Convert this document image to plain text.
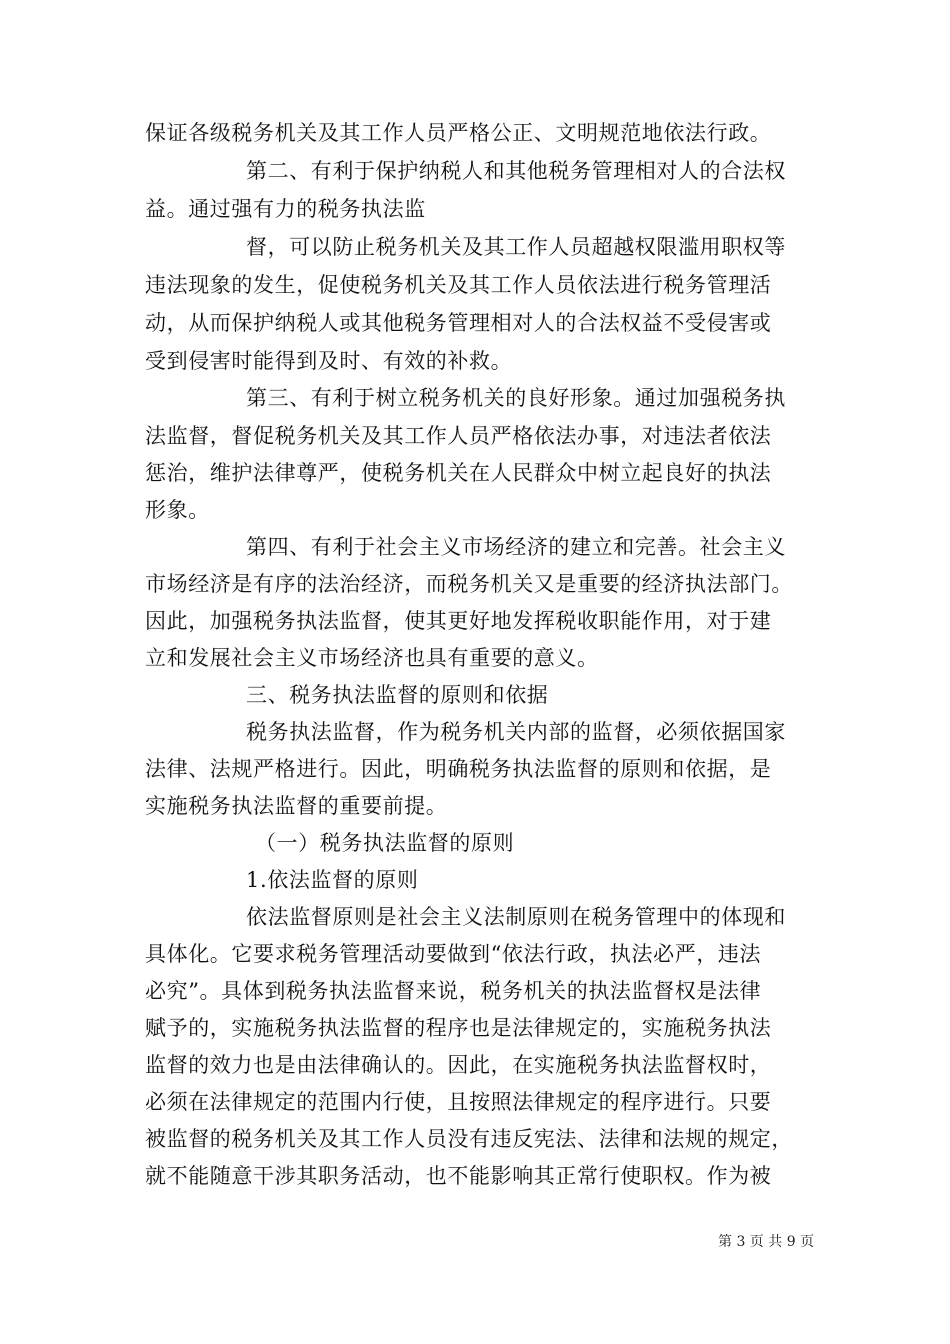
保证各级税务机关及其工作人员严格公正、文明规范地依法行政。
第二、有利于保护纳税人和其他税务管理相对人的合法权
益。通过强有力的税务执法监
督，可以防止税务机关及其工作人员超越权限滥用职权等
违法现象的发生，促使税务机关及其工作人员依法进行税务管理活
动，从而保护纳税人或其他税务管理相对人的合法权益不受侵害或
受到侵害时能得到及时、有效的补救。
第三、有利于树立税务机关的良好形象。通过加强税务执
法监督，督促税务机关及其工作人员严格依法办事，对违法者依法
惩治，维护法律尊严，使税务机关在人民群众中树立起良好的执法
形象。
第四、有利于社会主义市场经济的建立和完善。社会主义
市场经济是有序的法治经济，而税务机关又是重要的经济执法部门。
因此，加强税务执法监督，使其更好地发挥税收职能作用，对于建
立和发展社会主义市场经济也具有重要的意义。
三、税务执法监督的原则和依据
税务执法监督，作为税务机关内部的监督，必须依据国家
法律、法规严格进行。因此，明确税务执法监督的原则和依据，是
实施税务执法监督的重要前提。
（一）税务执法监督的原则
1.依法监督的原则
依法监督原则是社会主义法制原则在税务管理中的体现和
具体化。它要求税务管理活动要做到“依法行政，执法必严，违法
必究”。具体到税务执法监督来说，税务机关的执法监督权是法律
赋予的，实施税务执法监督的程序也是法律规定的，实施税务执法
监督的效力也是由法律确认的。因此，在实施税务执法监督权时，
必须在法律规定的范围内行使，且按照法律规定的程序进行。只要
被监督的税务机关及其工作人员没有违反宪法、法律和法规的规定，
就不能随意干涉其职务活动，也不能影响其正常行使职权。作为被
第 3 页 共 9 页
